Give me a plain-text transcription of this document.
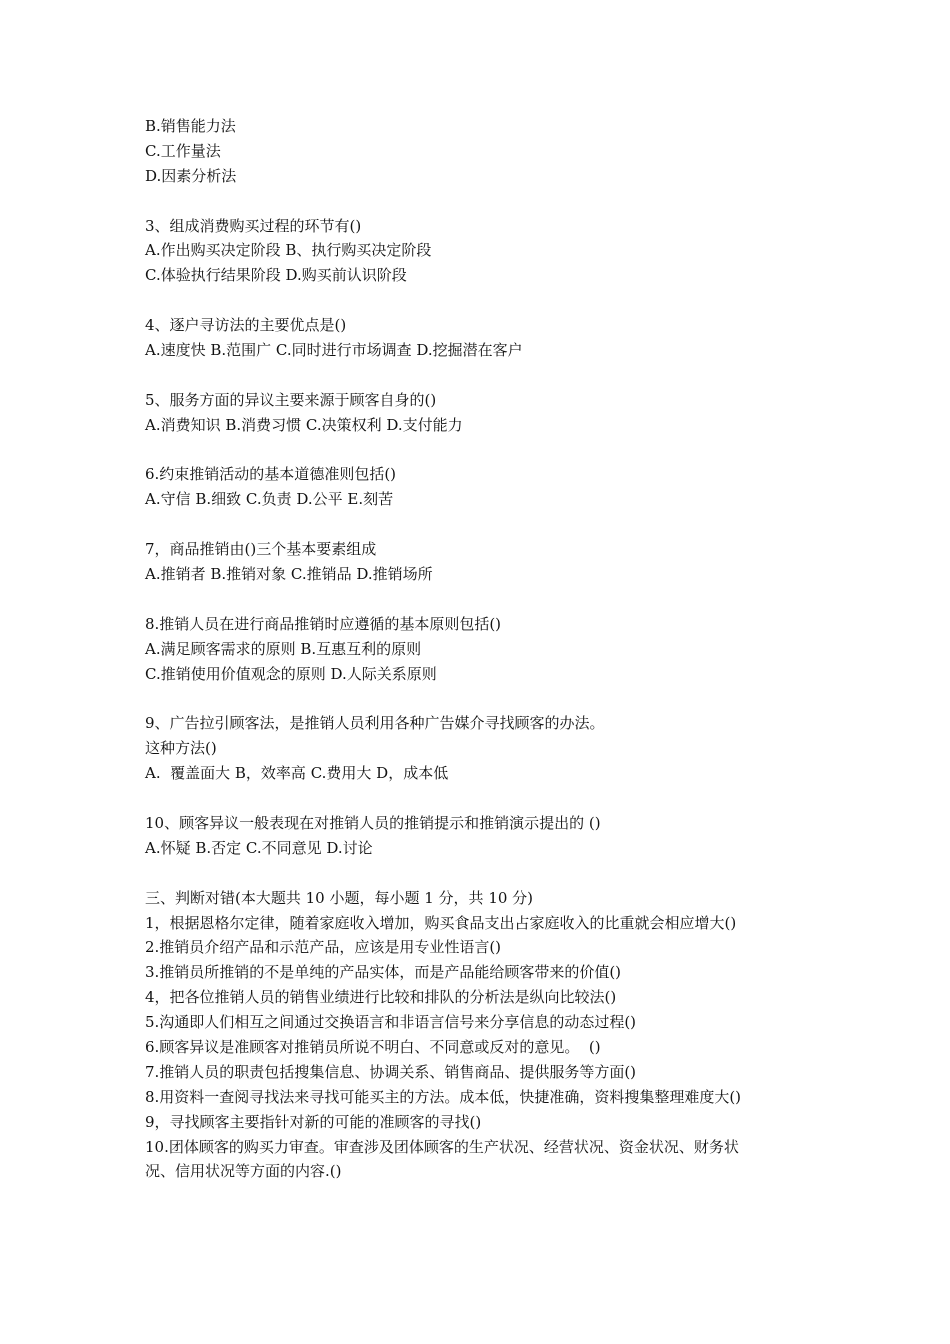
B.销售能力法
C.工作量法
D.因素分析法
3、组成消费购买过程的环节有()
A.作出购买决定阶段 B、执行购买决定阶段
C.体验执行结果阶段 D.购买前认识阶段
4、逐户寻访法的主要优点是()
A.速度快 B.范围广 C.同时进行市场调查 D.挖掘潜在客户
5、服务方面的异议主要来源于顾客自身的()
A.消费知识 B.消费习惯 C.决策权利 D.支付能力
6.约束推销活动的基本道德准则包括()
A.守信 B.细致 C.负责 D.公平 E.刻苦
7，商品推销由()三个基本要素组成
A.推销者 B.推销对象 C.推销品 D.推销场所
8.推销人员在进行商品推销时应遵循的基本原则包括()
A.满足顾客需求的原则 B.互惠互利的原则
C.推销使用价值观念的原则 D.人际关系原则
9、广告拉引顾客法，是推销人员利用各种广告媒介寻找顾客的办法。
这种方法()
A.  覆盖面大 B，效率高 C.费用大 D，成本低
10、顾客异议一般表现在对推销人员的推销提示和推销演示提出的 ()
A.怀疑 B.否定 C.不同意见 D.讨论
三、判断对错(本大题共 10 小题，每小题 1 分，共 10 分)
1，根据恩格尔定律，随着家庭收入增加，购买食品支出占家庭收入的比重就会相应增大()
2.推销员介绍产品和示范产品，应该是用专业性语言()
3.推销员所推销的不是单纯的产品实体，而是产品能给顾客带来的价值()
4，把各位推销人员的销售业绩进行比较和排队的分析法是纵向比较法()
5.沟通即人们相互之间通过交换语言和非语言信号来分享信息的动态过程()
6.顾客异议是准顾客对推销员所说不明白、不同意或反对的意见。  ()
7.推销人员的职责包括搜集信息、协调关系、销售商品、提供服务等方面()
8.用资料一查阅寻找法来寻找可能买主的方法。成本低，快捷准确，资料搜集整理难度大()
9，寻找顾客主要指针对新的可能的准顾客的寻找()
10.团体顾客的购买力审查。审查涉及团体顾客的生产状况、经营状况、资金状况、财务状
况、信用状况等方面的内容.()
